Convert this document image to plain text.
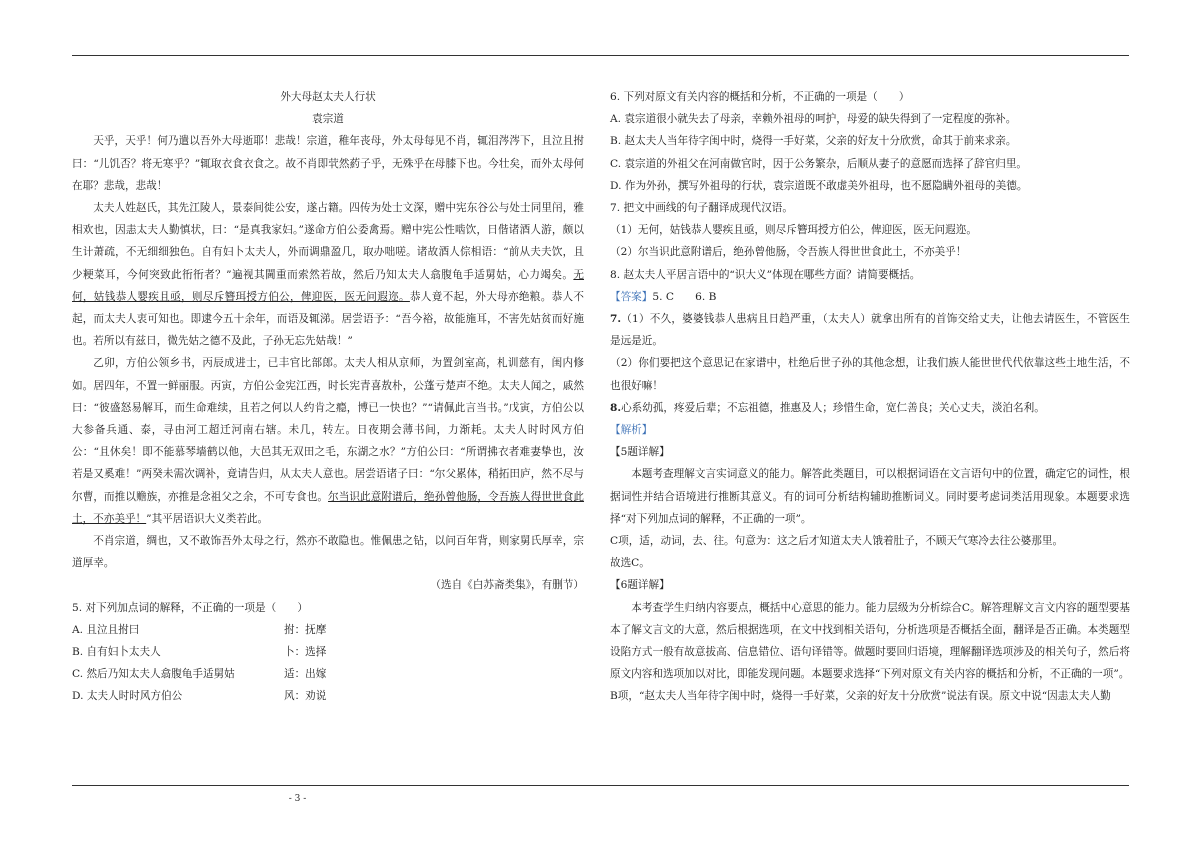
外大母赵太夫人行状

袁宗道

天乎，天乎！何乃遣以吾外大母逝耶！悲哉！宗道，稚年丧母，外太母每见不肖，辄泪涔涔下，且泣且拊曰：“儿饥否？将无寒乎？”辄取衣食衣食之。故不肖即茕然葯子乎，无殊乎在母膝下也。今壮矣，而外太母何在耶？悲哉，悲哉！

太夫人姓赵氏，其先江陵人，景泰间徙公安，遂占籍。四传为处士文深，赠中宪东谷公与处士同里闬，雅相欢也，因恚太夫人勤慎状，曰：“是真我家妇。”遂命方伯公委禽焉。赠中宪公性啮饮，日偕诸酒人游，颇以生计萧疏，不无细细独色。自有妇卜太夫人，外而调鼎盈几，取办咄嗟。诸故酒人倧相语：“前从夫夫饮，且少粳菜耳，今何突致此衎衎者？”遍视其閫重而索然若故，然后乃知太夫人翕腹龟手适舅姑，心力竭矣。无何，姑钱恭人婴疾且亟，则尽斥簪珥授方伯公，俾迎医，医无问遐迩。恭人竟不起，外大母亦绝粮。恭人不起，而太夫人衷可知也。即逮今五十余年，而语及辄涕。居尝语予：“吾今裕，故能施耳，不害先姑贫而好施也。若所以有兹日，微先姑之德不及此，子孙无忘先姑哉！”

乙卯，方伯公领乡书，丙辰成进士，已丰官比部郎。太夫人相从京师，为置剑室高，札训慈有，闺内修如。居四年，不置一鲜丽服。丙寅，方伯公金宪江西，时长宪青喜敖朴，公蓬亏楚声不绝。太夫人闻之，戚然曰：“彼盛怒易解耳，而生命难续，且若之何以人约肯之瘾，博已一快也？”“请佩此言当书。”戊寅，方伯公以大参备兵通、泰，寻由河工超迁河南右辖。未几，转左。日夜期会薄书间，力渐耗。太夫人时时风方伯公：“且休矣！即不能慕琴墙鹤以他，大邑其无双田之毛，东湖之水？”方伯公曰：“所谓拂衣者难妻挚也，汝若是又奚难！”两癸未需次调补，竟请告归，从太夫人意也。居尝语诸子曰：“尔父累体，稍拓田庐，然不尽与尔曹，而推以赡族，亦推是念祖父之余，不可专食也。尔当识此意附谱后，绝孙曾他肠，令吾族人得世世食此土，不亦美乎！”其平居语识大义类若此。

不肖宗道，绸也，又不敢饰吾外太母之行，然亦不敢隐也。惟佩患之钻，以问百年背，则家舅氏厚幸，宗道厚幸。

（选自《白苏斋类集》，有删节）

5. 对下列加点词的解释，不正确的一项是（　　）

A. 且泣且拊曰	拊：抚摩
B. 自有妇卜太夫人	卜：选择
C. 然后乃知太夫人翕腹龟手适舅姑	适：出嫁
D. 太夫人时时风方伯公	风：劝说

6. 下列对原文有关内容的概括和分析，不正确的一项是（　　）

A. 袁宗道很小就失去了母亲，幸赖外祖母的呵护，母爱的缺失得到了一定程度的弥补。

B. 赵太夫人当年待字闺中时，烧得一手好菜，父亲的好友十分欣赏，命其于前来求亲。

C. 袁宗道的外祖父在河南做官时，因于公务繁杂，后顺从妻子的意愿而选择了辞官归里。

D. 作为外孙，撰写外祖母的行状，袁宗道既不敢虚美外祖母，也不愿隐瞒外祖母的美德。

7. 把文中画线的句子翻译成现代汉语。

（1）无何，姑钱恭人婴疾且亟，则尽斥簪珥授方伯公，俾迎医，医无问遐迩。

（2）尔当识此意附谱后，绝孙曾他肠，令吾族人得世世食此土，不亦美乎！

8. 赵太夫人平居言语中的“识大义”体现在哪些方面？请简要概括。

【答案】5. C　　6. B

7.（1）不久，婆婆钱恭人患病且日趋严重，（太夫人）就拿出所有的首饰交给丈夫，让他去请医生，不管医生是远是近。

（2）你们要把这个意思记在家谱中，杜绝后世子孙的其他念想，让我们族人能世世代代依靠这些土地生活，不也很好嘛！

8.心系幼孤，疼爱后辈；不忘祖德，推惠及人；珍惜生命，宽仁善良；关心丈夫，淡泊名利。

【解析】

【5题详解】

本题考查理解文言实词意义的能力。解答此类题目，可以根据词语在文言语句中的位置，确定它的词性，根据词性并结合语境进行推断其意义。有的词可分析结构辅助推断词义。同时要考虑词类活用现象。本题要求选择“对下列加点词的解释，不正确的一项”。

C项，适，动词，去、往。句意为：这之后才知道太夫人饿着肚子，不顾天气寒冷去往公婆那里。

故选C。

【6题详解】

本考查学生归纳内容要点，概括中心意思的能力。能力层级为分析综合C。解答理解文言文内容的题型要基本了解文言文的大意，然后根据选项，在文中找到相关语句，分析选项是否概括全面，翻译是否正确。本类题型设陷方式一般有故意拔高、信息错位、语句译错等。做题时要回归语境，理解翻译选项涉及的相关句子，然后将原文内容和选项加以对比，即能发现问题。本题要求选择“下列对原文有关内容的概括和分析，不正确的一项”。

B项，“赵太夫人当年待字闺中时，烧得一手好菜，父亲的好友十分欣赏”说法有误。原文中说“因恚太夫人勤

- 3 -
